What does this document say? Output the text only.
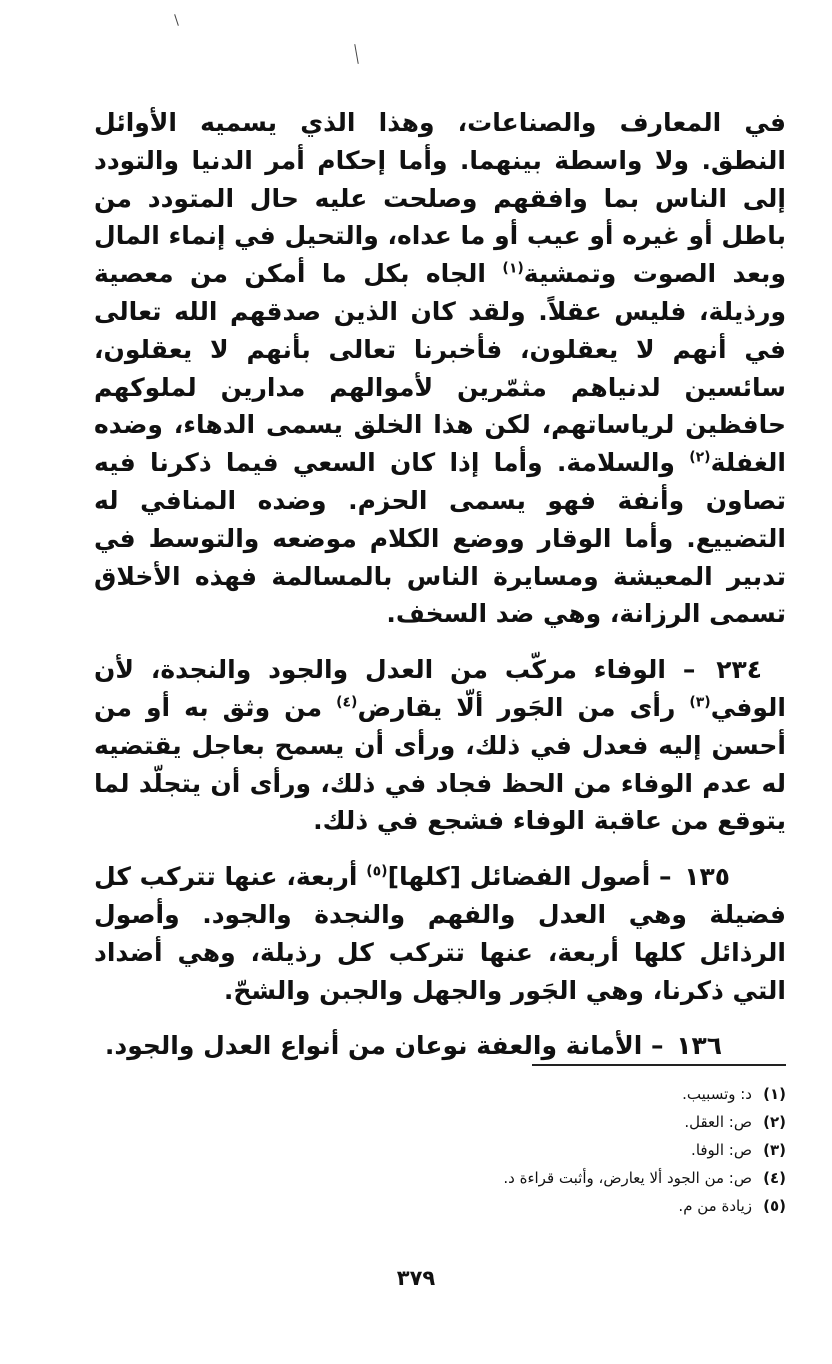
في المعارف والصناعات، وهذا الذي يسميه الأوائل النطق. ولا واسطة بينهما. وأما إحكام أمر الدنيا والتودد إلى الناس بما وافقهم وصلحت عليه حال المتودد من باطل أو غيره أو عيب أو ما عداه، والتحيل في إنماء المال وبعد الصوت وتمشية$^{(١)}$ الجاه بكل ما أمكن من معصية ورذيلة، فليس عقلاً. ولقد كان الذين صدقهم الله تعالى في أنهم لا يعقلون، فأخبرنا تعالى بأنهم لا يعقلون، سائسين لدنياهم مثمّرين لأموالهم مدارين لملوكهم حافظين لرياساتهم، لكن هذا الخلق يسمى الدهاء، وضده الغفلة$^{(٢)}$ والسلامة. وأما إذا كان السعي فيما ذكرنا فيه تصاون وأنفة فهو يسمى الحزم. وضده المنافي له التضييع. وأما الوقار ووضع الكلام موضعه والتوسط في تدبير المعيشة ومسايرة الناس بالمسالمة فهذه الأخلاق تسمى الرزانة، وهي ضد السخف.

٢٣٤ – الوفاء مركّب من العدل والجود والنجدة، لأن الوفي$^{(٣)}$ رأى من الجَور ألّا يقارض$^{(٤)}$ من وثق به أو من أحسن إليه فعدل في ذلك، ورأى أن يسمح بعاجل يقتضيه له عدم الوفاء من الحظ فجاد في ذلك، ورأى أن يتجلّد لما يتوقع من عاقبة الوفاء فشجع في ذلك.

١٣٥ – أصول الفضائل [كلها]$^{(٥)}$ أربعة، عنها تتركب كل فضيلة وهي العدل والفهم والنجدة والجود. وأصول الرذائل كلها أربعة، عنها تتركب كل رذيلة، وهي أضداد التي ذكرنا، وهي الجَور والجهل والجبن والشحّ.

١٣٦ – الأمانة والعفة نوعان من أنواع العدل والجود.

(١)
د: وتسبيب.
(٢)
ص: العقل.
(٣)
ص: الوفا.
(٤)
ص: من الجود ألا يعارض، وأثبت قراءة د.
(٥)
زيادة من م.
٣٧٩
